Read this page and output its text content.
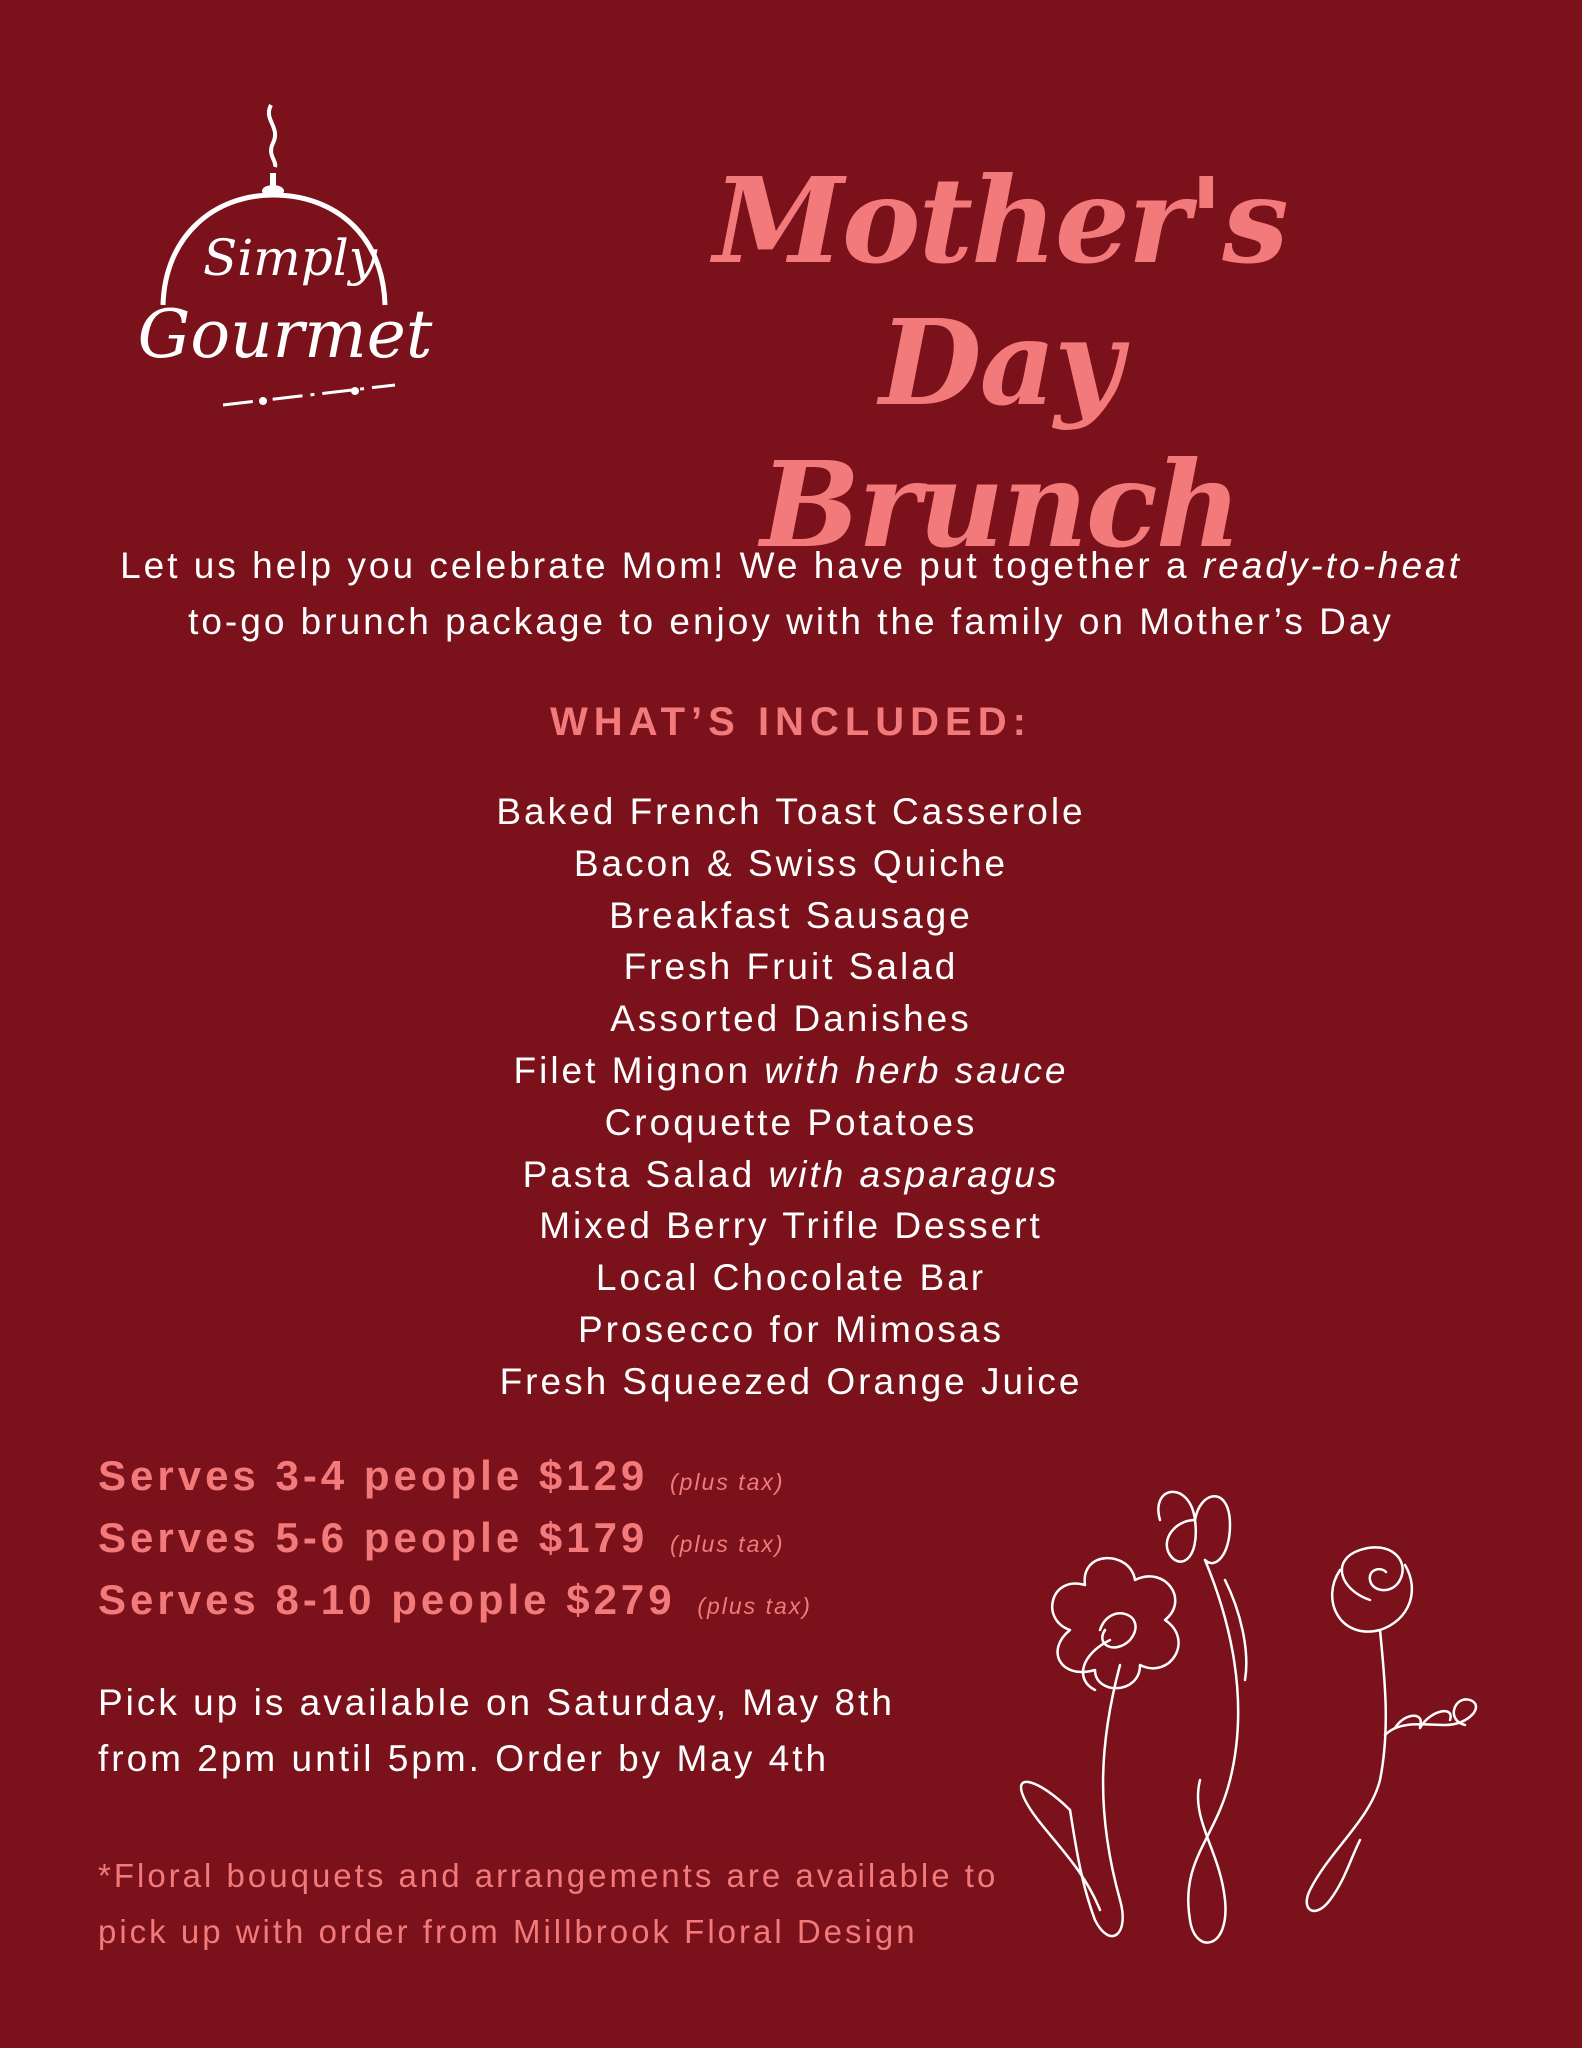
Simply
Gourmet
Mother's Day
Brunch
Let us help you celebrate Mom! We have put together a ready-to-heat
to-go brunch package to enjoy with the family on Mother’s Day
WHAT’S INCLUDED:
Baked French Toast Casserole
Bacon & Swiss Quiche
Breakfast Sausage
Fresh Fruit Salad
Assorted Danishes
Filet Mignon with herb sauce
Croquette Potatoes
Pasta Salad with asparagus
Mixed Berry Trifle Dessert
Local Chocolate Bar
Prosecco for Mimosas
Fresh Squeezed Orange Juice
Serves 3-4 people $129 (plus tax)
Serves 5-6 people $179 (plus tax)
Serves 8-10 people $279 (plus tax)
Pick up is available on Saturday, May 8th
from 2pm until 5pm. Order by May 4th
*Floral bouquets and arrangements are available to
pick up with order from Millbrook Floral Design
